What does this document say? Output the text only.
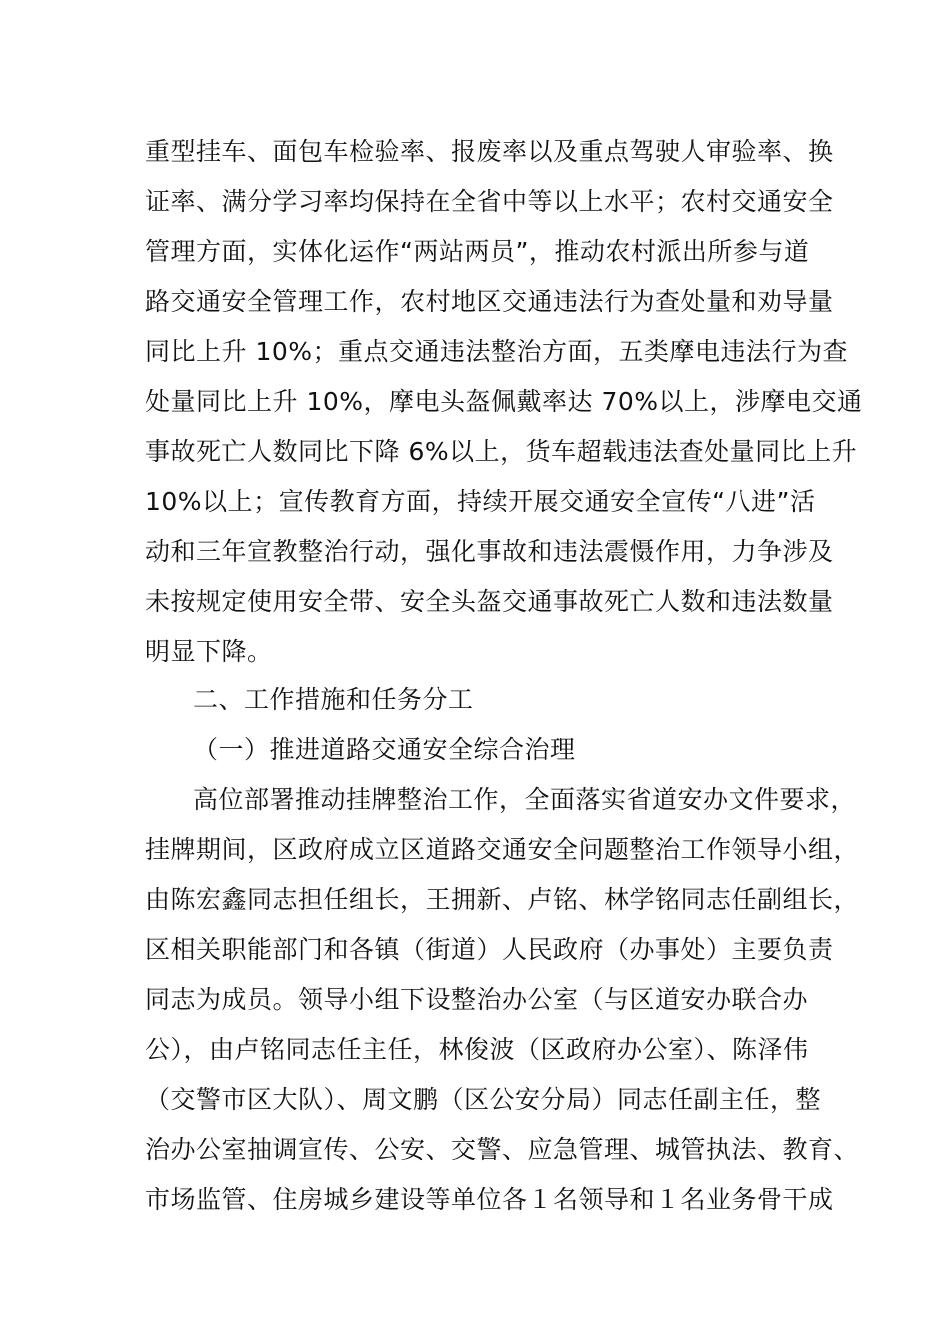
重型挂车、面包车检验率、报废率以及重点驾驶人审验率、换
证率、满分学习率均保持在全省中等以上水平；农村交通安全
管理方面，实体化运作“两站两员”，推动农村派出所参与道
路交通安全管理工作，农村地区交通违法行为查处量和劝导量
同比上升 10%；重点交通违法整治方面，五类摩电违法行为查
处量同比上升 10%，摩电头盔佩戴率达 70%以上，涉摩电交通
事故死亡人数同比下降 6%以上，货车超载违法查处量同比上升
10%以上；宣传教育方面，持续开展交通安全宣传“八进”活
动和三年宣教整治行动，强化事故和违法震慑作用，力争涉及
未按规定使用安全带、安全头盔交通事故死亡人数和违法数量
明显下降。
二、工作措施和任务分工
（一）推进道路交通安全综合治理
高位部署推动挂牌整治工作，全面落实省道安办文件要求，
挂牌期间，区政府成立区道路交通安全问题整治工作领导小组，
由陈宏鑫同志担任组长，王拥新、卢铭、林学铭同志任副组长，
区相关职能部门和各镇（街道）人民政府（办事处）主要负责
同志为成员。领导小组下设整治办公室（与区道安办联合办
公），由卢铭同志任主任，林俊波（区政府办公室）、陈泽伟
（交警市区大队）、周文鹏（区公安分局）同志任副主任，整
治办公室抽调宣传、公安、交警、应急管理、城管执法、教育、
市场监管、住房城乡建设等单位各１名领导和１名业务骨干成
